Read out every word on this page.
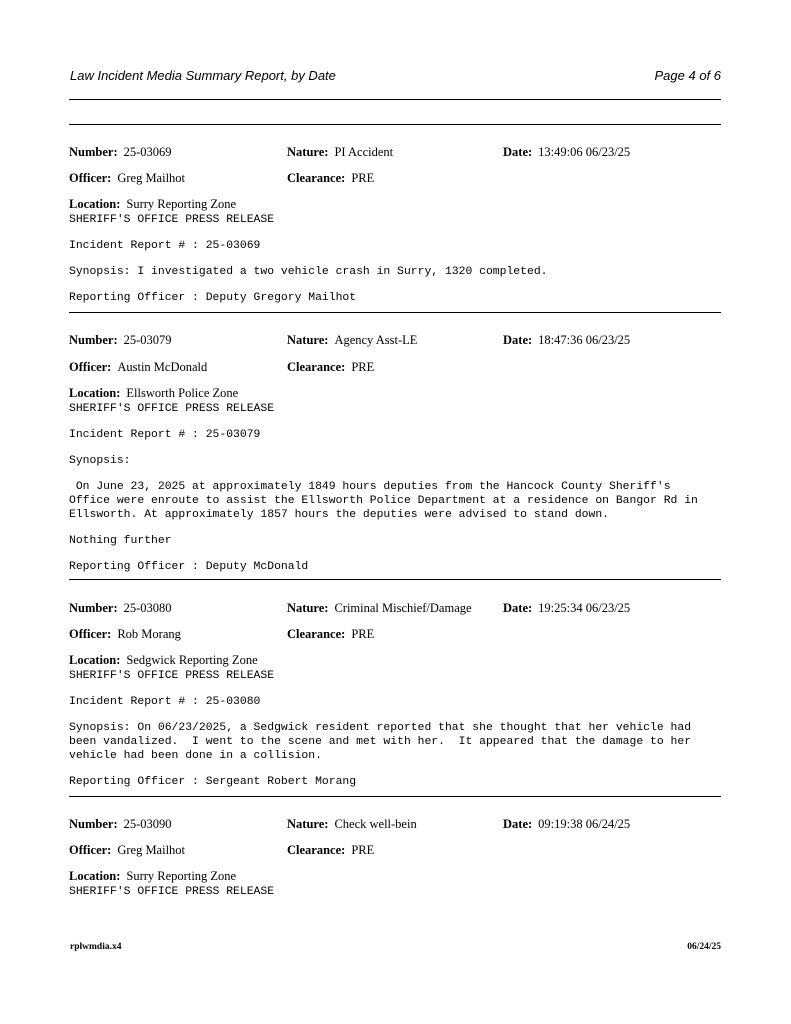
Law Incident Media Summary Report, by Date	Page 4 of 6
Number: 25-03069	Nature: PI Accident	Date: 13:49:06 06/23/25
Officer: Greg Mailhot	Clearance: PRE
Location: Surry Reporting Zone
SHERIFF'S OFFICE PRESS RELEASE
Incident Report # : 25-03069
Synopsis: I investigated a two vehicle crash in Surry, 1320 completed.
Reporting Officer : Deputy Gregory Mailhot
Number: 25-03079	Nature: Agency Asst-LE	Date: 18:47:36 06/23/25
Officer: Austin McDonald	Clearance: PRE
Location: Ellsworth Police Zone
SHERIFF'S OFFICE PRESS RELEASE
Incident Report # : 25-03079
Synopsis:
On June 23, 2025 at approximately 1849 hours deputies from the Hancock County Sheriff's
Office were enroute to assist the Ellsworth Police Department at a residence on Bangor Rd in
Ellsworth. At approximately 1857 hours the deputies were advised to stand down.
Nothing further
Reporting Officer : Deputy McDonald
Number: 25-03080	Nature: Criminal Mischief/Damage	Date: 19:25:34 06/23/25
Officer: Rob Morang	Clearance: PRE
Location: Sedgwick Reporting Zone
SHERIFF'S OFFICE PRESS RELEASE
Incident Report # : 25-03080
Synopsis: On 06/23/2025, a Sedgwick resident reported that she thought that her vehicle had
been vandalized.  I went to the scene and met with her.  It appeared that the damage to her
vehicle had been done in a collision.
Reporting Officer : Sergeant Robert Morang
Number: 25-03090	Nature: Check well-bein	Date: 09:19:38 06/24/25
Officer: Greg Mailhot	Clearance: PRE
Location: Surry Reporting Zone
SHERIFF'S OFFICE PRESS RELEASE
rplwmdia.x4	06/24/25
